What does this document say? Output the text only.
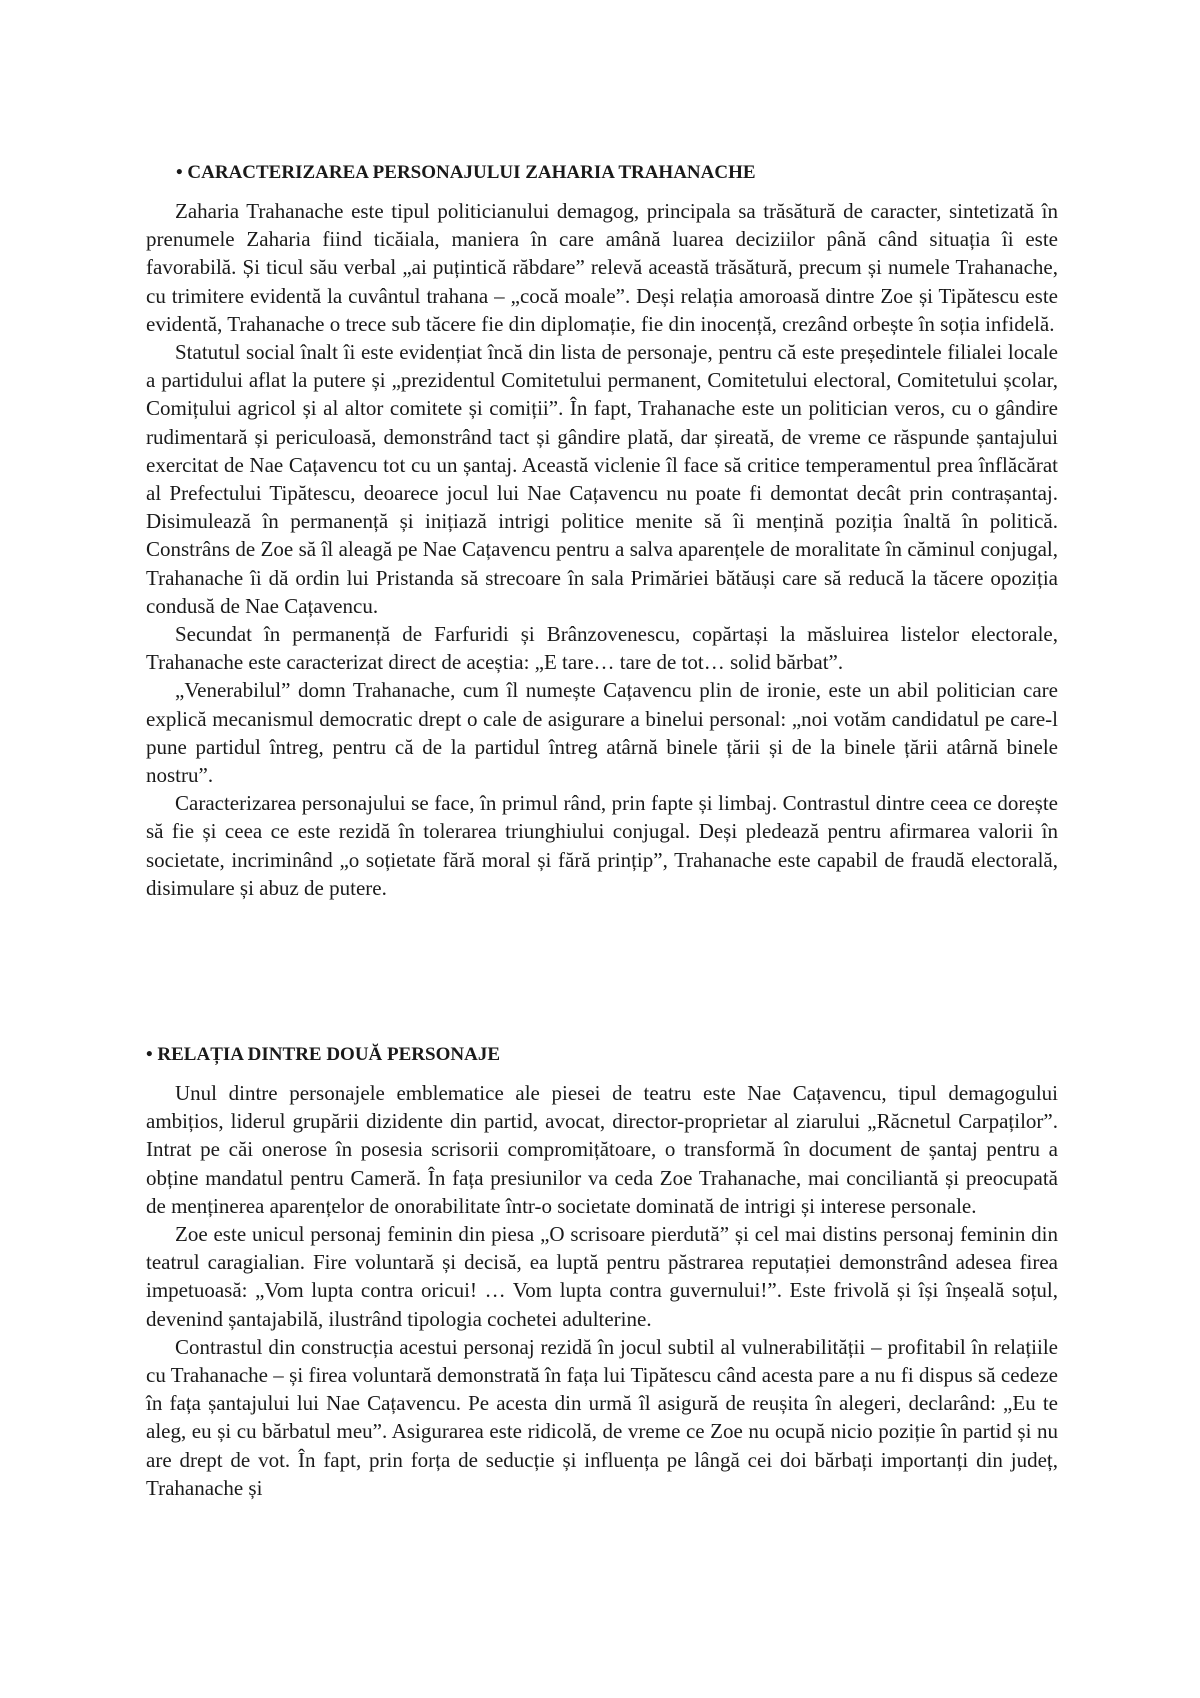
• CARACTERIZAREA PERSONAJULUI ZAHARIA TRAHANACHE

Zaharia Trahanache este tipul politicianului demagog, principala sa trăsătură de caracter, sintetizată în prenumele Zaharia fiind ticăiala, maniera în care amână luarea deciziilor până când situația îi este favorabilă. Și ticul său verbal „ai puțintică răbdare” relevă această trăsătură, precum și numele Trahanache, cu trimitere evidentă la cuvântul trahana – „cocă moale”. Deși relația amoroasă dintre Zoe și Tipătescu este evidentă, Trahanache o trece sub tăcere fie din diplomație, fie din inocență, crezând orbește în soția infidelă.

Statutul social înalt îi este evidențiat încă din lista de personaje, pentru că este președintele filialei locale a partidului aflat la putere și „prezidentul Comitetului permanent, Comitetului electoral, Comitetului școlar, Comițului agricol și al altor comitete și comiții”. În fapt, Trahanache este un politician veros, cu o gândire rudimentară și periculoasă, demonstrând tact și gândire plată, dar șireată, de vreme ce răspunde șantajului exercitat de Nae Cațavencu tot cu un șantaj. Această viclenie îl face să critice temperamentul prea înflăcărat al Prefectului Tipătescu, deoarece jocul lui Nae Cațavencu nu poate fi demontat decât prin contrașantaj. Disimulează în permanență și inițiază intrigi politice menite să îi mențină poziția înaltă în politică. Constrâns de Zoe să îl aleagă pe Nae Cațavencu pentru a salva aparențele de moralitate în căminul conjugal, Trahanache îi dă ordin lui Pristanda să strecoare în sala Primăriei bătăuși care să reducă la tăcere opoziția condusă de Nae Cațavencu.

Secundat în permanență de Farfuridi și Brânzovenescu, copărtași la măsluirea listelor electorale, Trahanache este caracterizat direct de aceștia: „E tare… tare de tot… solid bărbat”.

„Venerabilul” domn Trahanache, cum îl numește Cațavencu plin de ironie, este un abil politician care explică mecanismul democratic drept o cale de asigurare a binelui personal: „noi votăm candidatul pe care-l pune partidul întreg, pentru că de la partidul întreg atârnă binele țării și de la binele țării atârnă binele nostru”.

Caracterizarea personajului se face, în primul rând, prin fapte și limbaj. Contrastul dintre ceea ce dorește să fie și ceea ce este rezidă în tolerarea triunghiului conjugal. Deși pledează pentru afirmarea valorii în societate, incriminând „o soțietate fără moral și fără prințip”, Trahanache este capabil de fraudă electorală, disimulare și abuz de putere.

• RELAȚIA DINTRE DOUĂ PERSONAJE

Unul dintre personajele emblematice ale piesei de teatru este Nae Cațavencu, tipul demagogului ambițios, liderul grupării dizidente din partid, avocat, director-proprietar al ziarului „Răcnetul Carpaților”. Intrat pe căi onerose în posesia scrisorii compromițătoare, o transformă în document de șantaj pentru a obține mandatul pentru Cameră. În fața presiunilor va ceda Zoe Trahanache, mai conciliantă și preocupată de menținerea aparențelor de onorabilitate într-o societate dominată de intrigi și interese personale.

Zoe este unicul personaj feminin din piesa „O scrisoare pierdută” și cel mai distins personaj feminin din teatrul caragialian. Fire voluntară și decisă, ea luptă pentru păstrarea reputației demonstrând adesea firea impetuoasă: „Vom lupta contra oricui! … Vom lupta contra guvernului!”. Este frivolă și își înșeală soțul, devenind șantajabilă, ilustrând tipologia cochetei adulterine.

Contrastul din construcția acestui personaj rezidă în jocul subtil al vulnerabilității – profitabil în relațiile cu Trahanache – și firea voluntară demonstrată în fața lui Tipătescu când acesta pare a nu fi dispus să cedeze în fața șantajului lui Nae Cațavencu. Pe acesta din urmă îl asigură de reușita în alegeri, declarând: „Eu te aleg, eu și cu bărbatul meu”. Asigurarea este ridicolă, de vreme ce Zoe nu ocupă nicio poziție în partid și nu are drept de vot. În fapt, prin forța de seducție și influența pe lângă cei doi bărbați importanți din județ, Trahanache și
